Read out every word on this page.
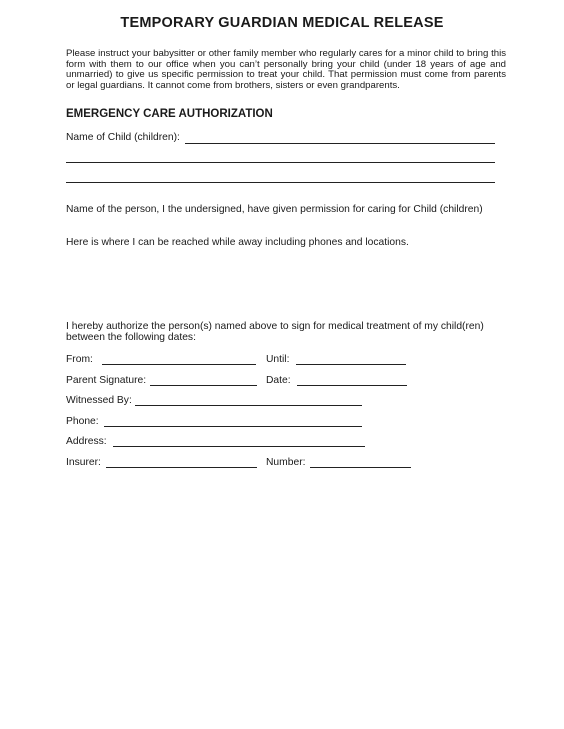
TEMPORARY GUARDIAN MEDICAL RELEASE
Please instruct your babysitter or other family member who regularly cares for a minor child to bring this form with them to our office when you can’t personally bring your child (under 18 years of age and unmarried) to give us specific permission to treat your child. That permission must come from parents or legal guardians. It cannot come from brothers, sisters or even grandparents.
EMERGENCY CARE AUTHORIZATION
Name of Child (children):
Name of the person, I the undersigned, have given permission for caring for Child (children)
Here is where I can be reached while away including phones and locations.
I hereby authorize the person(s) named above to sign for medical treatment of my child(ren)
between the following dates:
From:	Until:
Parent Signature:	Date:
Witnessed By:
Phone:
Address:
Insurer:	Number:
